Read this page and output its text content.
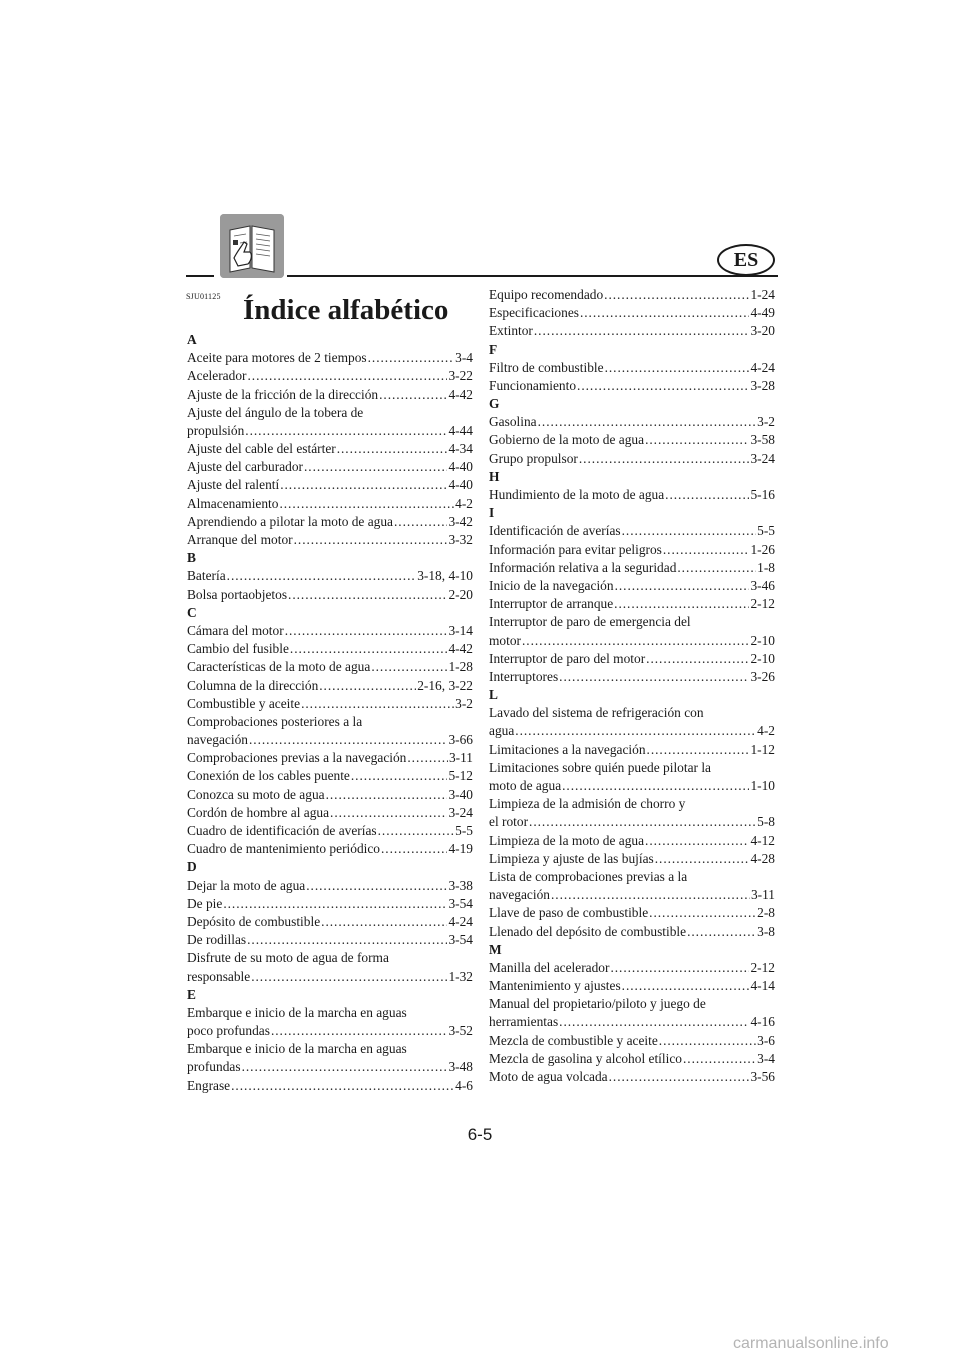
ES
SJU01125 Índice alfabético
A
Aceite para motores de 2 tiempos . . .	3-4
Acelerador . . .	3-22
Ajuste de la fricción de la dirección . . .	4-42
Ajuste del ángulo de la tobera de
propulsión . . .	4-44
Ajuste del cable del estárter . . .	4-34
Ajuste del carburador . . .	4-40
Ajuste del ralentí . . .	4-40
Almacenamiento . . .	4-2
Aprendiendo a pilotar la moto de agua . . .	3-42
Arranque del motor . . .	3-32
B
Batería . . .	3-18, 4-10
Bolsa portaobjetos . . .	2-20
C
Cámara del motor . . .	3-14
Cambio del fusible . . .	4-42
Características de la moto de agua . . .	1-28
Columna de la dirección . . .	2-16, 3-22
Combustible y aceite . . .	3-2
Comprobaciones posteriores a la
navegación . . .	3-66
Comprobaciones previas a la navegación . . .	3-11
Conexión de los cables puente . . .	5-12
Conozca su moto de agua . . .	3-40
Cordón de hombre al agua . . .	3-24
Cuadro de identificación de averías . . .	5-5
Cuadro de mantenimiento periódico . . .	4-19
D
Dejar la moto de agua . . .	3-38
De pie . . .	3-54
Depósito de combustible . . .	4-24
De rodillas . . .	3-54
Disfrute de su moto de agua de forma
responsable . . .	1-32
E
Embarque e inicio de la marcha en aguas
poco profundas . . .	3-52
Embarque e inicio de la marcha en aguas
profundas . . .	3-48
Engrase . . .	4-6
Equipo recomendado . . .	1-24
Especificaciones . . .	4-49
Extintor . . .	3-20
F
Filtro de combustible . . .	4-24
Funcionamiento . . .	3-28
G
Gasolina . . .	3-2
Gobierno de la moto de agua . . .	3-58
Grupo propulsor . . .	3-24
H
Hundimiento de la moto de agua . . .	5-16
I
Identificación de averías . . .	5-5
Información para evitar peligros . . .	1-26
Información relativa a la seguridad . . .	1-8
Inicio de la navegación . . .	3-46
Interruptor de arranque . . .	2-12
Interruptor de paro de emergencia del
motor . . .	2-10
Interruptor de paro del motor . . .	2-10
Interruptores . . .	3-26
L
Lavado del sistema de refrigeración con
agua . . .	4-2
Limitaciones a la navegación . . .	1-12
Limitaciones sobre quién puede pilotar la
moto de agua . . .	1-10
Limpieza de la admisión de chorro y
el rotor . . .	5-8
Limpieza de la moto de agua . . .	4-12
Limpieza y ajuste de las bujías . . .	4-28
Lista de comprobaciones previas a la
navegación . . .	3-11
Llave de paso de combustible . . .	2-8
Llenado del depósito de combustible . . .	3-8
M
Manilla del acelerador . . .	2-12
Mantenimiento y ajustes . . .	4-14
Manual del propietario/piloto y juego de
herramientas . . .	4-16
Mezcla de combustible y aceite . . .	3-6
Mezcla de gasolina y alcohol etílico . . .	3-4
Moto de agua volcada . . .	3-56
6-5
carmanualsonline.info
